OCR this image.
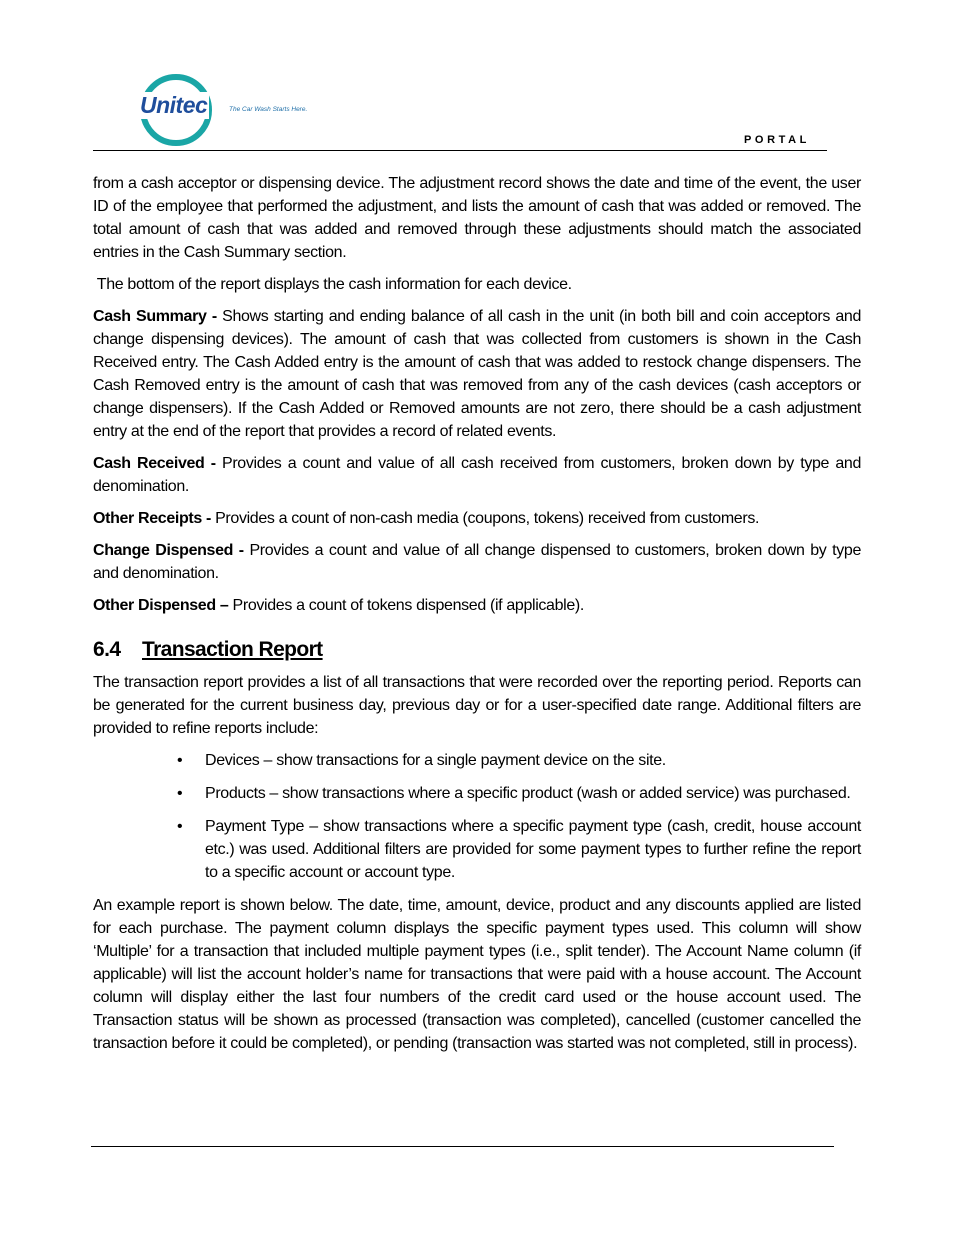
Unitec	The Car Wash Starts Here.
PORTAL

from a cash acceptor or dispensing device. The adjustment record shows the date and time of the event, the user ID of the employee that performed the adjustment, and lists the amount of cash that was added or removed. The total amount of cash that was added and removed through these adjustments should match the associated entries in the Cash Summary section.

The bottom of the report displays the cash information for each device.

Cash Summary - Shows starting and ending balance of all cash in the unit (in both bill and coin acceptors and change dispensing devices). The amount of cash that was collected from customers is shown in the Cash Received entry. The Cash Added entry is the amount of cash that was added to restock change dispensers. The Cash Removed entry is the amount of cash that was removed from any of the cash devices (cash acceptors or change dispensers). If the Cash Added or Removed amounts are not zero, there should be a cash adjustment entry at the end of the report that provides a record of related events.

Cash Received - Provides a count and value of all cash received from customers, broken down by type and denomination.

Other Receipts - Provides a count of non-cash media (coupons, tokens) received from customers.

Change Dispensed - Provides a count and value of all change dispensed to customers, broken down by type and denomination.

Other Dispensed – Provides a count of tokens dispensed (if applicable).

6.4 Transaction Report

The transaction report provides a list of all transactions that were recorded over the reporting period. Reports can be generated for the current business day, previous day or for a user-specified date range. Additional filters are provided to refine reports include:

• Devices – show transactions for a single payment device on the site.
• Products – show transactions where a specific product (wash or added service) was purchased.
• Payment Type – show transactions where a specific payment type (cash, credit, house account etc.) was used. Additional filters are provided for some payment types to further refine the report to a specific account or account type.

An example report is shown below. The date, time, amount, device, product and any discounts applied are listed for each purchase. The payment column displays the specific payment types used. This column will show ‘Multiple’ for a transaction that included multiple payment types (i.e., split tender). The Account Name column (if applicable) will list the account holder’s name for transactions that were paid with a house account. The Account column will display either the last four numbers of the credit card used or the house account used. The Transaction status will be shown as processed (transaction was completed), cancelled (customer cancelled the transaction before it could be completed), or pending (transaction was started was not completed, still in process).
